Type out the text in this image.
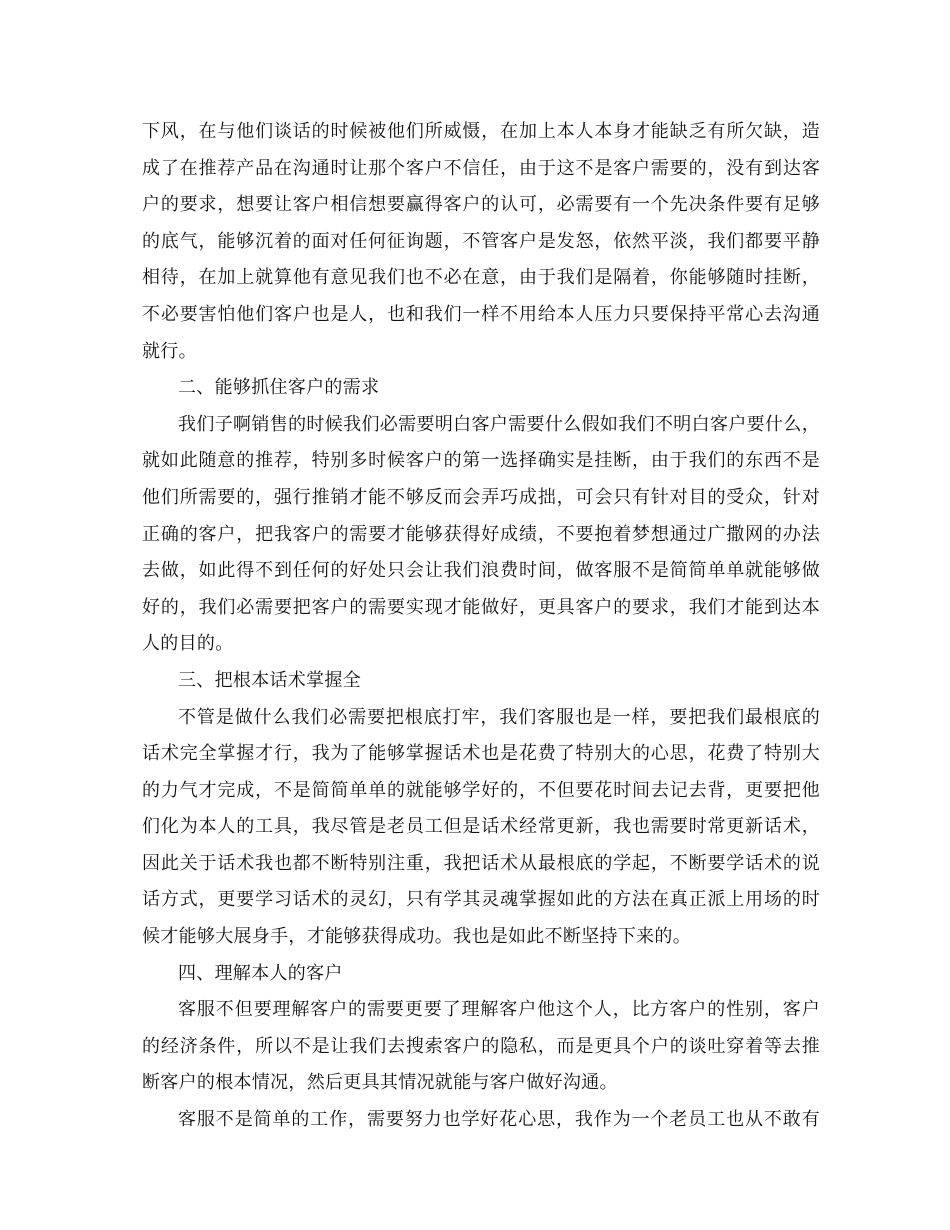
下风，在与他们谈话的时候被他们所威慑，在加上本人本身才能缺乏有所欠缺，造
成了在推荐产品在沟通时让那个客户不信任，由于这不是客户需要的，没有到达客
户的要求，想要让客户相信想要赢得客户的认可，必需要有一个先决条件要有足够
的底气，能够沉着的面对任何征询题，不管客户是发怒，依然平淡，我们都要平静
相待，在加上就算他有意见我们也不必在意，由于我们是隔着，你能够随时挂断，
不必要害怕他们客户也是人，也和我们一样不用给本人压力只要保持平常心去沟通
就行。
二、能够抓住客户的需求
我们子啊销售的时候我们必需要明白客户需要什么假如我们不明白客户要什么，
就如此随意的推荐，特别多时候客户的第一选择确实是挂断，由于我们的东西不是
他们所需要的，强行推销才能不够反而会弄巧成拙，可会只有针对目的受众，针对
正确的客户，把我客户的需要才能够获得好成绩，不要抱着梦想通过广撒网的办法
去做，如此得不到任何的好处只会让我们浪费时间，做客服不是简简单单就能够做
好的，我们必需要把客户的需要实现才能做好，更具客户的要求，我们才能到达本
人的目的。
三、把根本话术掌握全
不管是做什么我们必需要把根底打牢，我们客服也是一样，要把我们最根底的
话术完全掌握才行，我为了能够掌握话术也是花费了特别大的心思，花费了特别大
的力气才完成，不是简简单单的就能够学好的，不但要花时间去记去背，更要把他
们化为本人的工具，我尽管是老员工但是话术经常更新，我也需要时常更新话术，
因此关于话术我也都不断特别注重，我把话术从最根底的学起，不断要学话术的说
话方式，更要学习话术的灵幻，只有学其灵魂掌握如此的方法在真正派上用场的时
候才能够大展身手，才能够获得成功。我也是如此不断坚持下来的。
四、理解本人的客户
客服不但要理解客户的需要更要了理解客户他这个人，比方客户的性别，客户
的经济条件，所以不是让我们去搜索客户的隐私，而是更具个户的谈吐穿着等去推
断客户的根本情况，然后更具其情况就能与客户做好沟通。
客服不是简单的工作，需要努力也学好花心思，我作为一个老员工也从不敢有
